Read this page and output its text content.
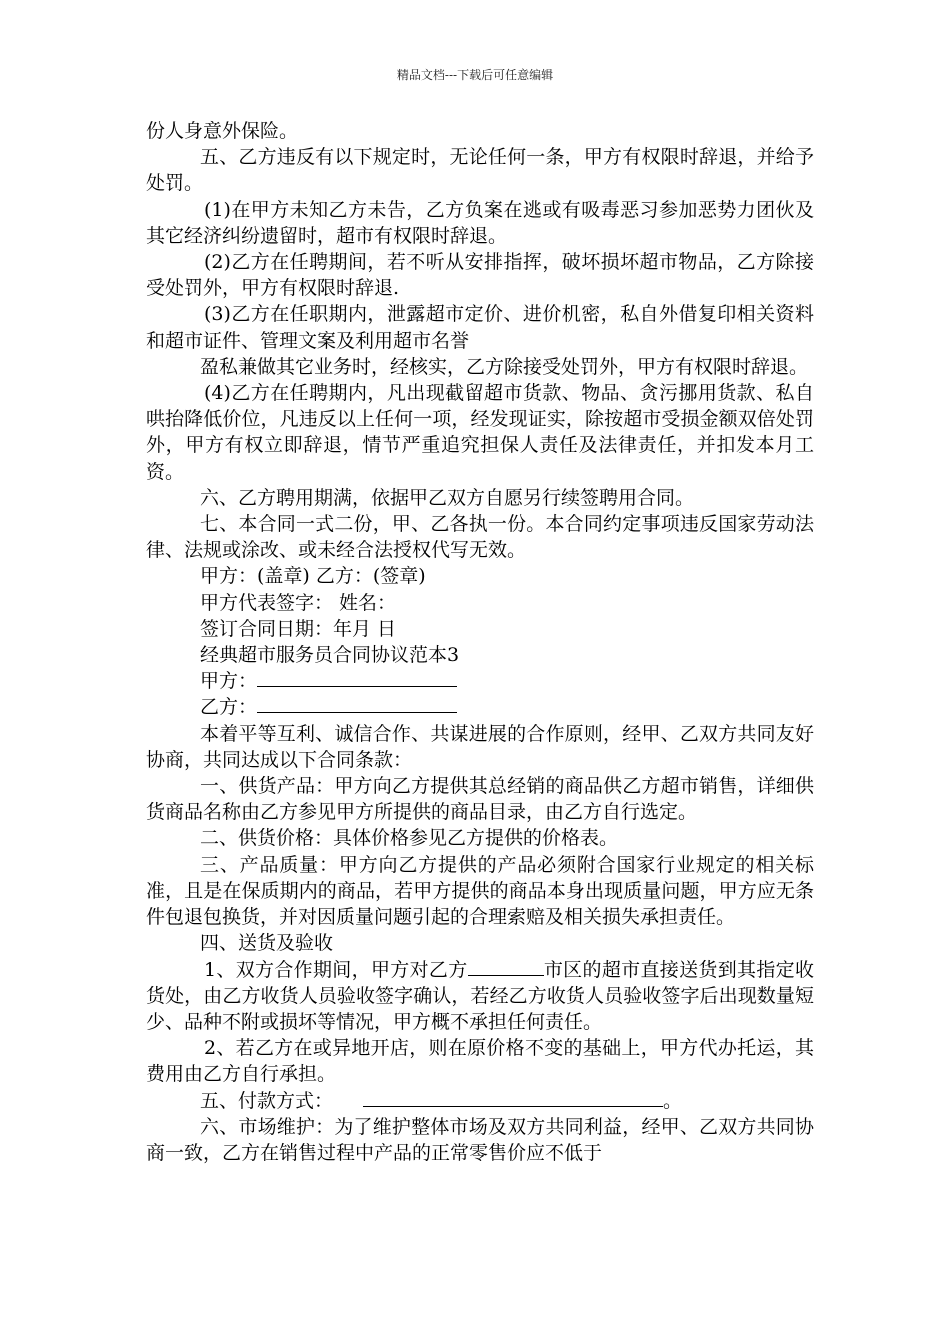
精品文档---下载后可任意编辑

份人身意外保险。

五、乙方违反有以下规定时，无论任何一条，甲方有权限时辞退，并给予处罚。

(1)在甲方未知乙方未告，乙方负案在逃或有吸毒恶习参加恶势力团伙及其它经济纠纷遗留时，超市有权限时辞退。

(2)乙方在任聘期间，若不听从安排指挥，破坏损坏超市物品，乙方除接受处罚外，甲方有权限时辞退.

(3)乙方在任职期内，泄露超市定价、进价机密，私自外借复印相关资料和超市证件、管理文案及利用超市名誉

盈私兼做其它业务时，经核实，乙方除接受处罚外，甲方有权限时辞退。

(4)乙方在任聘期内，凡出现截留超市货款、物品、贪污挪用货款、私自哄抬降低价位，凡违反以上任何一项，经发现证实，除按超市受损金额双倍处罚外，甲方有权立即辞退，情节严重追究担保人责任及法律责任，并扣发本月工资。

六、乙方聘用期满，依据甲乙双方自愿另行续签聘用合同。

七、本合同一式二份，甲、乙各执一份。本合同约定事项违反国家劳动法律、法规或涂改、或未经合法授权代写无效。

甲方：(盖章) 乙方：(签章)

甲方代表签字： 姓名：

签订合同日期：年月 日

经典超市服务员合同协议范本3

甲方：

乙方：

本着平等互利、诚信合作、共谋进展的合作原则，经甲、乙双方共同友好协商，共同达成以下合同条款：

一、供货产品：甲方向乙方提供其总经销的商品供乙方超市销售，详细供货商品名称由乙方参见甲方所提供的商品目录，由乙方自行选定。

二、供货价格：具体价格参见乙方提供的价格表。

三、产品质量：甲方向乙方提供的产品必须附合国家行业规定的相关标准，且是在保质期内的商品，若甲方提供的商品本身出现质量问题，甲方应无条件包退包换货，并对因质量问题引起的合理索赔及相关损失承担责任。

四、送货及验收

1、双方合作期间，甲方对乙方	市区的超市直接送货到其指定收货处，由乙方收货人员验收签字确认，若经乙方收货人员验收签字后出现数量短少、品种不附或损坏等情况，甲方概不承担任何责任。

2、若乙方在或异地开店，则在原价格不变的基础上，甲方代办托运，其费用由乙方自行承担。

五、付款方式：	。

六、市场维护：为了维护整体市场及双方共同利益，经甲、乙双方共同协商一致，乙方在销售过程中产品的正常零售价应不低于
